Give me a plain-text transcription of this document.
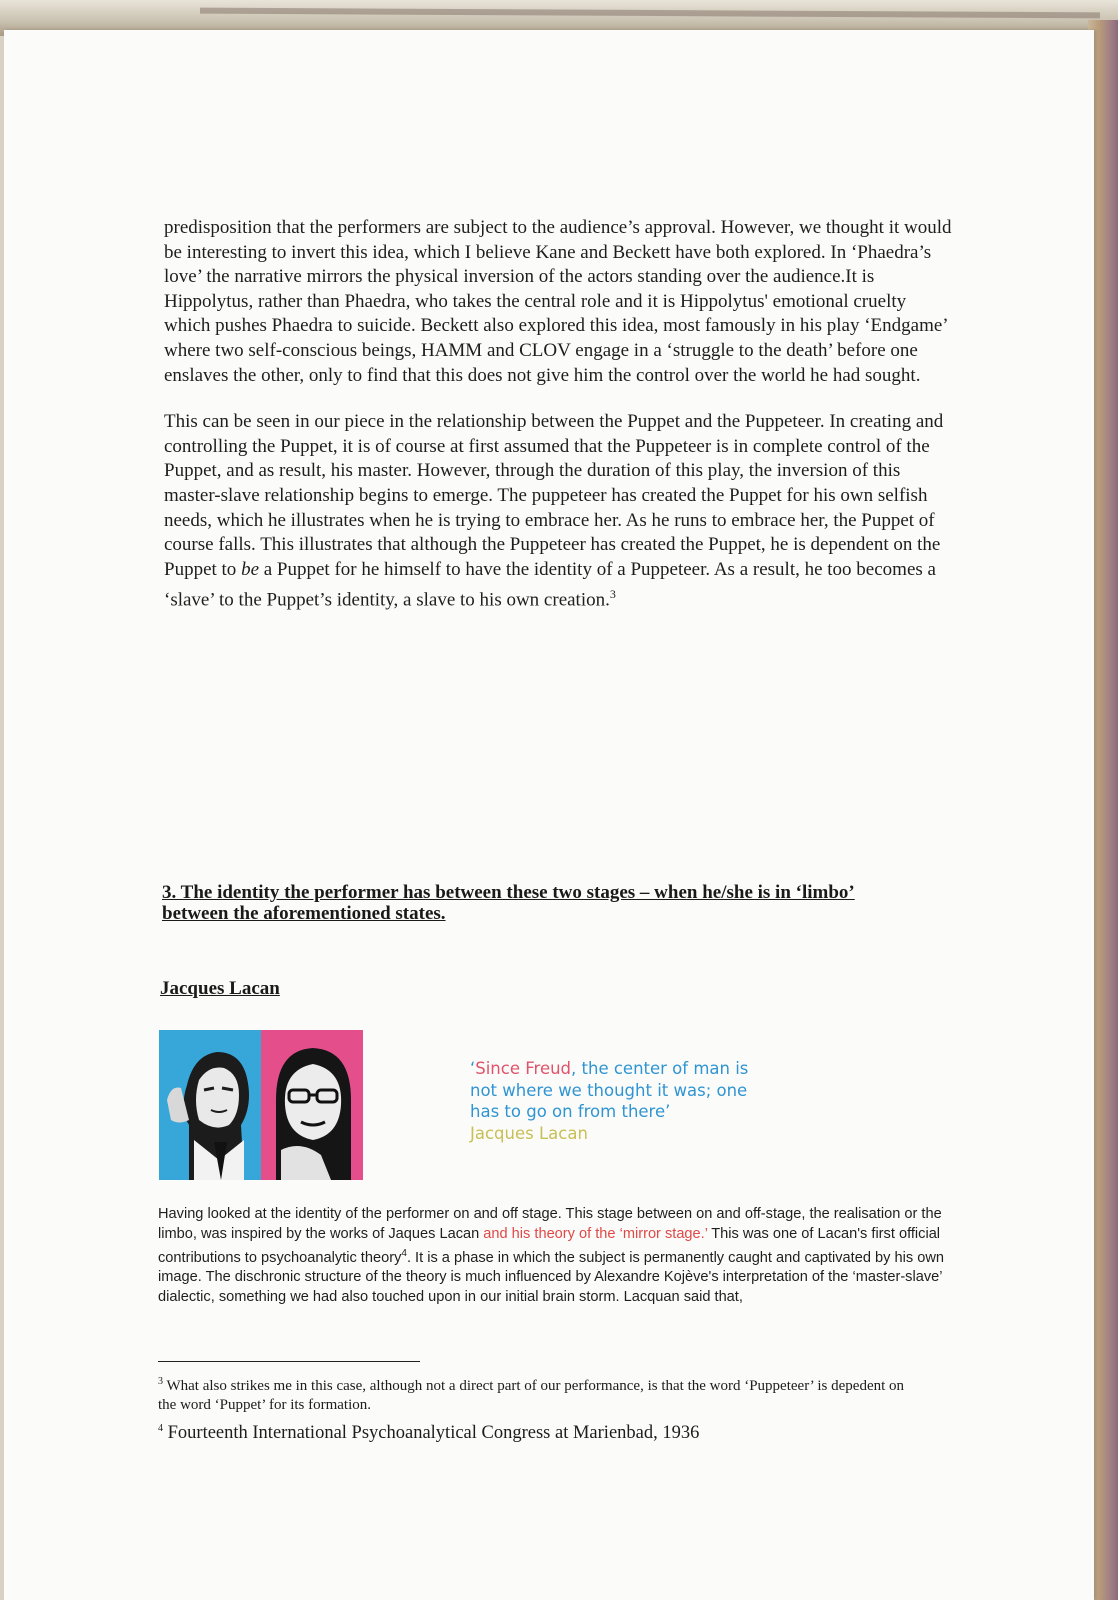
predisposition that the performers are subject to the audience’s approval. However, we thought it would be interesting to invert this idea, which I believe Kane and Beckett have both explored. In ‘Phaedra’s love’ the narrative mirrors the physical inversion of the actors standing over the audience.It is Hippolytus, rather than Phaedra, who takes the central role and it is Hippolytus' emotional cruelty which pushes Phaedra to suicide. Beckett also explored this idea, most famously in his play ‘Endgame’ where two self-conscious beings, HAMM and CLOV engage in a ‘struggle to the death’ before one enslaves the other, only to find that this does not give him the control over the world he had sought.

This can be seen in our piece in the relationship between the Puppet and the Puppeteer. In creating and controlling the Puppet, it is of course at first assumed that the Puppeteer is in complete control of the Puppet, and as result, his master. However, through the duration of this play, the inversion of this master-slave relationship begins to emerge. The puppeteer has created the Puppet for his own selfish needs, which he illustrates when he is trying to embrace her. As he runs to embrace her, the Puppet of course falls. This illustrates that although the Puppeteer has created the Puppet, he is dependent on the Puppet to be a Puppet for he himself to have the identity of a Puppeteer. As a result, he too becomes a ‘slave’ to the Puppet’s identity, a slave to his own creation.$^3$

3. The identity the performer has between these two stages – when he/she is in ‘limbo’ between the aforementioned states.
Jacques Lacan
‘Since Freud, the center of man is not where we thought it was; one has to go on from there’
Jacques Lacan

Having looked at the identity of the performer on and off stage. This stage between on and off-stage, the realisation or the limbo, was inspired by the works of Jaques Lacan and his theory of the ‘mirror stage.’ This was one of Lacan's first official contributions to psychoanalytic theory$^4$. It is a phase in which the subject is permanently caught and captivated by his own image. The dischronic structure of the theory is much influenced by Alexandre Kojève's interpretation of the ‘master-slave’ dialectic, something we had also touched upon in our initial brain storm. Lacquan said that,

$^3$ What also strikes me in this case, although not a direct part of our performance, is that the word ‘Puppeteer’ is depedent on the word ‘Puppet’ for its formation.

$^4$ Fourteenth International Psychoanalytical Congress at Marienbad, 1936
